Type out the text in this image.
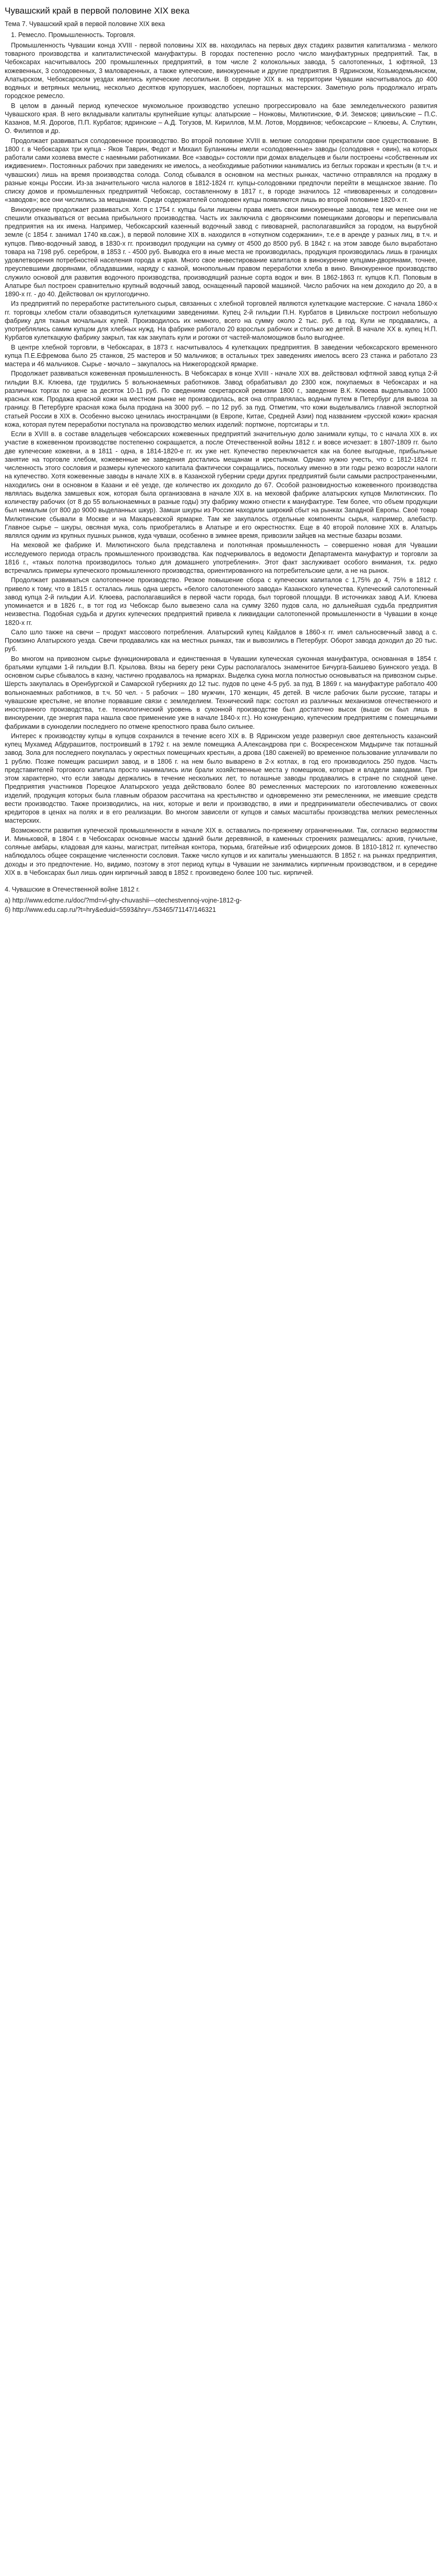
Чувашский край в первой половине XIX века
Тема 7. Чувашский край в первой половине XIX века
1. Ремесло. Промышленность. Торговля.

Промышленность Чувашии конца XVIII - первой половины XIX вв. находилась на первых двух стадиях развития капитализма - мелкого товарного производства и капиталистической мануфактуры. В городах постепенно росло число мануфактурных предприятий. Так, в Чебоксарах насчитывалось 200 промышленных предприятий, в том числе 2 колокольных завода, 5 салотопенных, 1 юфтяной, 13 кожевенных, 3 солодовенных, 3 маловаренных, а также купеческие, винокуренные и другие предприятия. В Ядринском, Козьмодемьянском, Алатырском, Чебоксарском уездах имелись купеческие лесопильни. В середине XIX в. на территории Чувашии насчитывалось до 400 водяных и ветряных мельниц, несколько десятков крупорушек, маслобоен, порташных мастерских. Заметную роль продолжало играть городское ремесло.

В целом в данный период купеческое мукомольное производство успешно прогрессировало на базе земледельческого развития Чувашского края. В него вкладывали капиталы крупнейшие купцы: алатырские – Нонковы, Милютинские, Ф.И. Земсков; цивильские – П.С. Казанов, М.Я. Дорогов, П.П. Курбатов; ядринские – А.Д. Тогузов, М. Кириллов, М.М. Лотов, Мордвинов; чебоксарские – Клюевы, А. Слуткин, О. Филиппов и др.

Продолжает развиваться солодовенное производство. Во второй половине XVIII в. мелкие солодовни прекратили свое существование. В 1800 г. в Чебоксарах три купца - Яков Таврин, Федот и Михаил Буланкины имели «солодовенные» заводы (солодовня + овин), на которых работали сами хозяева вместе с наемными работниками. Все «заводы» состояли при домах владельцев и были построены «собственным их иждивением». Постоянных рабочих при заведениях не имелось, а необходимые работники нанимались из беглых горожан и крестьян (в т.ч. и чувашских) лишь на время производства солода. Солод сбывался в основном на местных рынках, частично отправлялся на продажу в разные концы России. Из-за значительного числа налогов в 1812-1824 гг. купцы-солодовники предпочли перейти в мещанское звание. По списку домов и промышленных предприятий Чебоксар, составленному в 1817 г., в городе значилось 12 «пивоваренных и солодовни» «заводов»; все они числились за мещанами. Среди содержателей солодовен купцы появляются лишь во второй половине 1820-х гг.

Винокурение продолжает развиваться. Хотя с 1754 г. купцы были лишены права иметь свои винокуренные заводы, тем не менее они не спешили отказываться от весьма прибыльного производства. Часть их заключила с дворянскими помещиками договоры и переписывала предприятия на их имена. Например, Чебоксарский казенный водочный завод с пивоварней, располагавшийся за городом, на вырубной земле (с 1854 г. занимал 1740 кв.саж.), в первой половине XIX в. находился в «откупном содержании», т.е.е в аренде у разных лиц, в т.ч. и купцов. Пиво-водочный завод, в 1830-х гг. производил продукции на сумму от 4500 до 8500 руб. В 1842 г. на этом заводе было выработано товара на 7198 руб. серебром, в 1853 г. - 4500 руб. Выводка его в иные места не производилась, продукция производилась лишь в границах удовлетворения потребностей населения города и края. Много свое инвестирование капиталов в винокурение купцами-дворянами, точнее, преуспевшими дворянами, обладавшими, наряду с казной, монопольным правом переработки хлеба в вино. Винокуренное производство служило основой для развития водочного производства, производящий разные сорта водок и вин. В 1862-1863 гг. купцов К.П. Поповым в Алатыре был построен сравнительно крупный водочный завод, оснащенный паровой машиной. Число рабочих на нем доходило до 20, а в 1890-х гг. - до 40. Действовал он круглогодично.

Из предприятий по переработке растительного сырья, связанных с хлебной торговлей являются кулеткацкие мастерские. С начала 1860-х гг. торговцы хлебом стали обзаводиться кулеткацкими заведениями. Купец 2-й гильдии П.Н. Курбатов в Цивильске построил небольшую фабрику для тканья мочальных кулей. Производилось их немного, всего на сумму около 2 тыс. руб. в год. Кули не продавались, а употреблялись самим купцом для хлебных нужд. На фабрике работало 20 взрослых рабочих и столько же детей. В начале XX в. купец Н.П. Курбатов кулеткацкую фабрику закрыл, так как закупать кули и рогожи от частей-маломощиков было выгоднее.

В центре хлебной торговли, в Чебоксарах, в 1873 г. насчитывалось 4 кулеткацких предприятия. В заведении чебоксарского временного купца П.Е.Ефремова было 25 станков, 25 мастеров и 50 мальчиков; в остальных трех заведениях имелось всего 23 станка и работало 23 мастера и 46 мальчиков. Сырье - мочало – закупалось на Нижегородской ярмарке.

Продолжает развиваться кожевенная промышленность. В Чебоксарах в конце XVIII - начале XIX вв. действовал юфтяной завод купца 2-й гильдии В.К. Клюева, где трудились 5 вольнонаемных работников. Завод обрабатывал до 2300 кож, покупаемых в Чебоксарах и на различных торгах по цене за десяток 10-11 руб. По сведениям секретарской ревизии 1800 г., заведение В.К. Клюева выделывало 1000 красных кож. Продажа красной кожи на местном рынке не производилась, вся она отправлялась водным путем в Петербург для вывоза за границу. В Петербурге красная кожа была продана на 3000 руб. – по 12 руб. за пуд. Отметим, что кожи выделывались главной экспортной статьей России в XIX в. Особенно высоко ценилась иностранцами (в Европе, Китае, Средней Азии) под названием «русской кожи» красная кожа, которая путем переработки поступала на производство мелких изделий: портмоне, портсигары и т.п.

Если в XVIII в. в составе владельцев чебоксарских кожевенных предприятий значительную долю занимали купцы, то с начала XIX в. их участие в кожевенном производстве постепенно сокращается, а после Отечественной войны 1812 г. и вовсе исчезает: в 1807-1809 гг. было две купеческие кожевни, а в 1811 - одна, в 1814-1820-е гг. их уже нет. Купечество переключается как на более выгодные, прибыльные занятие на торговле хлебом, кожевенные же заведения достались мещанам и крестьянам. Однако нужно учесть, что с 1812-1824 гг. численность этого сословия и размеры купеческого капитала фактически сокращались, поскольку именно в эти годы резко возросли налоги на купечество. Хотя кожевенные заводы в начале XIX в. в Казанской губернии среди других предприятий были самыми распространенными, находились они в основном в Казани и её уезде, где количество их доходило до 67. Особой разновидностью кожевенного производства являлась выделка замшевых кож, которая была организована в начале XIX в. на меховой фабрике алатырских купцов Милютинских. По количеству рабочих (от 8 до 55 вольнонаемных в разные годы) эту фабрику можно отнести к мануфактуре. Тем более, что объем продукции был немалым (от 800 до 9000 выделанных шкур). Замши шкуры из России находили широкий сбыт на рынках Западной Европы. Своё товар Милютинские сбывали в Москве и на Макарьевской ярмарке. Там же закупалось отдельные компоненты сырья, например, алебастр. Главное сырье – шкуры, овсяная мука, соль приобретались в Алатыре и его окрестностях. Еще в 40 второй половине XIX в. Алатырь являлся одним из крупных пушных рынков, куда чуваши, особенно в зимнее время, привозили зайцев на местные базары возами.

На меховой же фабрике И. Милютинского была представлена и полотняная промышленность – совершенно новая для Чувашии исследуемого периода отрасль промышленного производства. Как подчеркивалось в ведомости Департамента мануфактур и торговли за 1816 г., «такых полотна производилось только для домашнего употребления». Этот факт заслуживает особого внимания, т.к. редко встречались примеры купеческого промышленного производства, ориентированного на потребительские цели, а не на рынок.

Продолжает развиваться салотопенное производство. Резкое повышение сбора с купеческих капиталов с 1,75% до 4, 75% в 1812 г. привело к тому, что в 1815 г. осталась лишь одна шерсть «белого салотопенного завода» Казанского купечества. Купеческий салотопенный завод купца 2-й гильдии А.И. Клюева, располагавшийся в первой части города, был торговой площади. В источниках завод А.И. Клюева упоминается и в 1826 г., в тот год из Чебоксар было вывезено сала на сумму 3260 пудов сала, но дальнейшая судьба предприятия неизвестна. Подобная судьба и других купеческих предприятий привела к ликвидации салотопенной промышленности в Чувашии в конце 1820-х гг.

Сало шло также на свечи – продукт массового потребления. Алатырский купец Кайдалов в 1860-х гг. имел сальносвечный завод а с. Промзино Алатырского уезда. Свечи продавались как на местных рынках, так и вывозились в Петербург. Оборот завода доходил до 20 тыс. руб.

Во многом на привозном сырье функционировала и единственная в Чувашии купеческая суконная мануфактура, основанная в 1854 г. братьями купцами 1-й гильдии В.П. Крылова. Вязы на берегу реки Суры располагалось знаменитое Бичурга-Баишево Буинского уезда. В основном сырье сбывалось в казну, частично продавалось на ярмарках. Выделка сукна могла полностью основываться на привозном сырье. Шерсть закупалась в Оренбургской и Самарской губерниях до 12 тыс. пудов по цене 4-5 руб. за пуд. В 1869 г. на мануфактуре работало 400 вольнонаемных работников, в т.ч. 50 чел. - 5 рабочих – 180 мужчин, 170 женщин, 45 детей. В числе рабочих были русские, татары и чувашские крестьяне, не вполне порвавшие связи с земледелием. Технический парк: состоял из различных механизмов отечественного и иностранного производства, т.е. технологический уровень в суконной производстве был достаточно высок (выше он был лишь в винокурении, где энергия пара нашла свое применение уже в начале 1840-х гг.). Но конкуренцию, купеческим предприятиям с помещичьими фабриками в сукноделии последнего по отмене крепостного права было сильнее.

Интерес к производству купцы в купцов сохранился в течение всего XIX в. В Ядринском уезде развернул свое деятельность казанский купец Мухамед Абдурашитов, построивший в 1792 г. на земле помещика А.Александрова при с. Воскресенском Мидыриче так поташный завод. Зола для последнего покупалась у окрестных помещичьих крестьян, а дрова (180 саженей) во временное пользование уплачивали по 1 рублю. Позже помещик расширил завод, и в 1806 г. на нем было выварено в 2-х котлах, в год его производилось 250 пудов. Часть представителей торгового капитала просто нанимались или брали хозяйственные места у помещиков, которые и владели заводами. При этом характерно, что если заводы держались в течение нескольких лет, то поташные заводы продавались в стране по сходной цене. Предприятия участников Порецкое Алатырского уезда действовало более 80 ремесленных мастерских по изготовлению кожевенных изделий, продукция которых была главным образом рассчитана на крестьянство и одновременно эти ремесленники, не имевшие средств вести производство. Также производились, на них, которые и вели и производство, в ими и предприниматели обеспечивались от своих кредиторов в ценах на полях и в его реализации. Во многом зависели от купцов и самых масштабы производства мелких ремесленных мастерских.

Возможности развития купеческой промышленности в начале XIX в. оставались по-прежнему ограниченными. Так, согласно ведомостям И. Миньковой, в 1804 г. в Чебоксарах основные массы зданий были деревянной, в каменных строениях размещались: архив, гучильне, соляные амбары, кладовая для казны, магистрат, питейная контора, тюрьма, бгатейные изб офицерских домов. В 1810-1812 гг. купечество наблюдалось общее сокращение численности сословия. Также число купцов и их капиталы уменьшаются. В 1852 г. на рынках предприятия, доходы и это предпочтение. Но, видимо, поэтому в этот период купцы в Чувашии не занимались кирпичным производством, и в середине XIX в. в Чебоксарах был лишь один кирпичный завод в 1852 г. произведено более 100 тыс. кирпичей.

4. Чувашские в Отечественной войне 1812 г.
а) http://www.edcme.ru/doc/?md=vl-ghy-chuvashii---otechestvennoj-vojne-1812-g-
б) http://www.edu.cap.ru/?t=hry&eduid=5593&hry=./53465/71147/146321
